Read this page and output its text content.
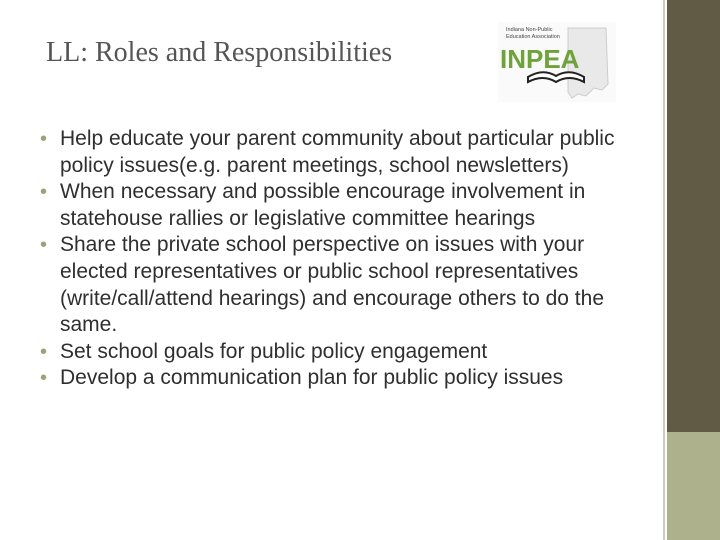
LL: Roles and Responsibilities
Indiana Non-Public
Education Association
INPEA
• Help educate your parent community about particular public policy issues(e.g. parent meetings, school newsletters)
• When necessary and possible encourage involvement in statehouse rallies or legislative committee hearings
• Share the private school perspective on issues with your elected representatives or public school representatives (write/call/attend hearings) and encourage others to do the same.
• Set school goals for public policy engagement
• Develop a communication plan for public policy issues
